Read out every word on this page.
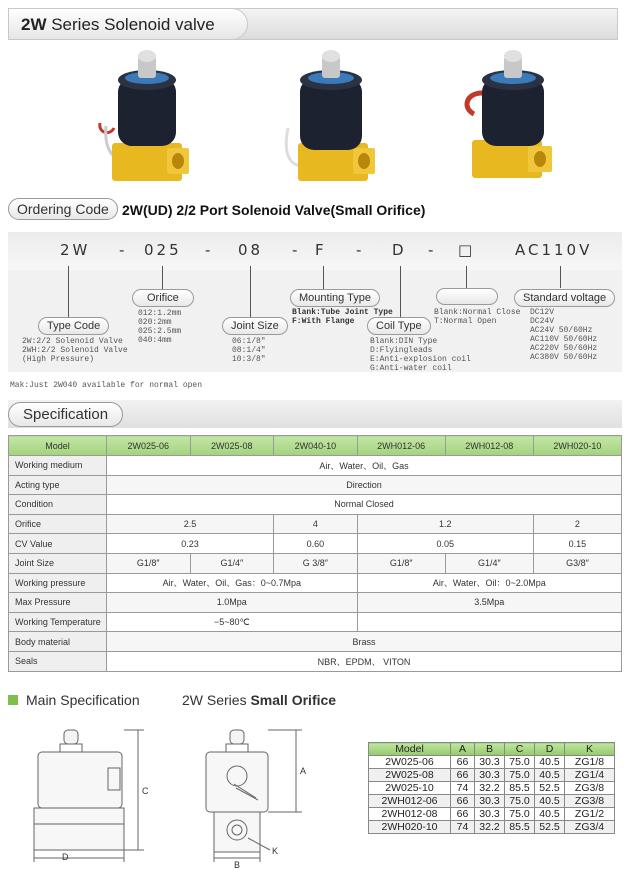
2W Series Solenoid valve
Ordering Code 2W(UD) 2/2 Port Solenoid Valve(Small Orifice)
2W - 025 - 08 - F - D - □	AC110V
Type Code
Orifice
Joint Size
Mounting Type
Coil Type
Standard voltage
2W:2/2 Solenoid Valve
2WH:2/2 Solenoid Valve
(High Pressure)
012:1.2mm
020:2mm
025:2.5mm
040:4mm	06:1/8"
08:1/4"
10:3/8"
Blank:Tube Joint Type
F:With Flange
Blank:DIN Type
D:Flyingleads
E:Anti-explosion coil
G:Anti-water coil
Blank:Normal Close
T:Normal Open
DC12V
DC24V
AC24V 50/60Hz
AC110V 50/60Hz
AC220V 50/60Hz
AC380V 50/60Hz
Mak:Just 2W040 available for normal open
Specification
Model	2W025-06	2W025-08	2W040-10	2WH012-06	2WH012-08	2WH020-10
Working medium	Air、Water、Oil、Gas					
Acting type	Direction					
Condition	Normal Closed					
Orifice	2.5		4	1.2		2
CV Value	0.23		0.60	0.05		0.15
Joint Size	G1/8″	G1/4″	G 3/8″	G1/8″	G1/4″	G3/8″
Working pressure	Air、Water、Oil、Gas：0~0.7Mpa			Air、Water、Oil：0~2.0Mpa		
Max Pressure	1.0Mpa			3.5Mpa		
Working Temperature	−5~80℃					
Body material	Brass					
Seals	NBR、EPDM、 VITON					
Main Specification	2W Series Small Orifice
D
C
B
A
K
Model	A	B	C	D	K
2W025-06	66	30.3	75.0	40.5	ZG1/8
2W025-08	66	30.3	75.0	40.5	ZG1/4
2W025-10	74	32.2	85.5	52.5	ZG3/8
2WH012-06	66	30.3	75.0	40.5	ZG3/8
2WH012-08	66	30.3	75.0	40.5	ZG1/2
2WH020-10	74	32.2	85.5	52.5	ZG3/4
